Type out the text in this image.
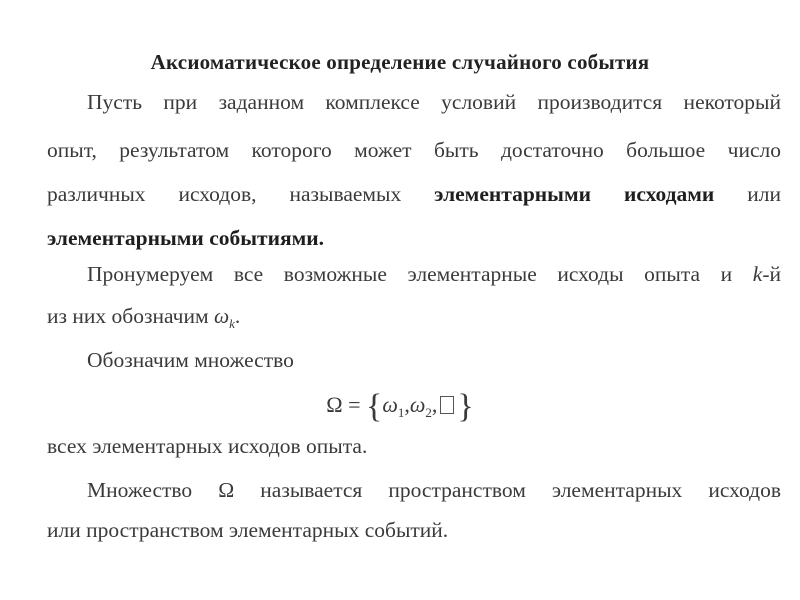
Аксиоматическое определение случайного события
Пусть при заданном комплексе условий производится некоторый
опыт, результатом которого может быть достаточно большое число
различных исходов, называемых элементарными исходами или
элементарными событиями.
Пронумеруем все возможные элементарные исходы опыта и k-й
из них обозначим $\omega_k$.
Обозначим множество
$\Omega = \{\omega_1,\omega_2$, }
всех элементарных исходов опыта.
Множество Ω называется пространством элементарных исходов
или пространством элементарных событий.
